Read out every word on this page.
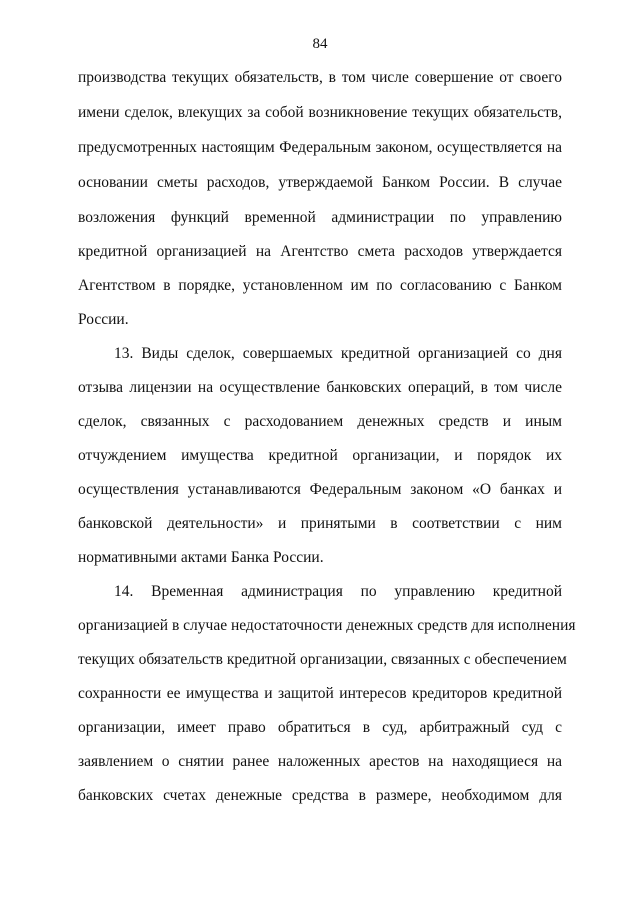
84
производства текущих обязательств, в том числе совершение от своего
имени сделок, влекущих за собой возникновение текущих обязательств,
предусмотренных настоящим Федеральным законом, осуществляется на
основании сметы расходов, утверждаемой Банком России. В случае
возложения функций временной администрации по управлению
кредитной организацией на Агентство смета расходов утверждается
Агентством в порядке, установленном им по согласованию с Банком
России.
13. Виды сделок, совершаемых кредитной организацией со дня
отзыва лицензии на осуществление банковских операций, в том числе
сделок, связанных с расходованием денежных средств и иным
отчуждением имущества кредитной организации, и порядок их
осуществления устанавливаются Федеральным законом «О банках и
банковской деятельности» и принятыми в соответствии с ним
нормативными актами Банка России.
14. Временная администрация по управлению кредитной
организацией в случае недостаточности денежных средств для исполнения
текущих обязательств кредитной организации, связанных с обеспечением
сохранности ее имущества и защитой интересов кредиторов кредитной
организации, имеет право обратиться в суд, арбитражный суд с
заявлением о снятии ранее наложенных арестов на находящиеся на
банковских счетах денежные средства в размере, необходимом для
